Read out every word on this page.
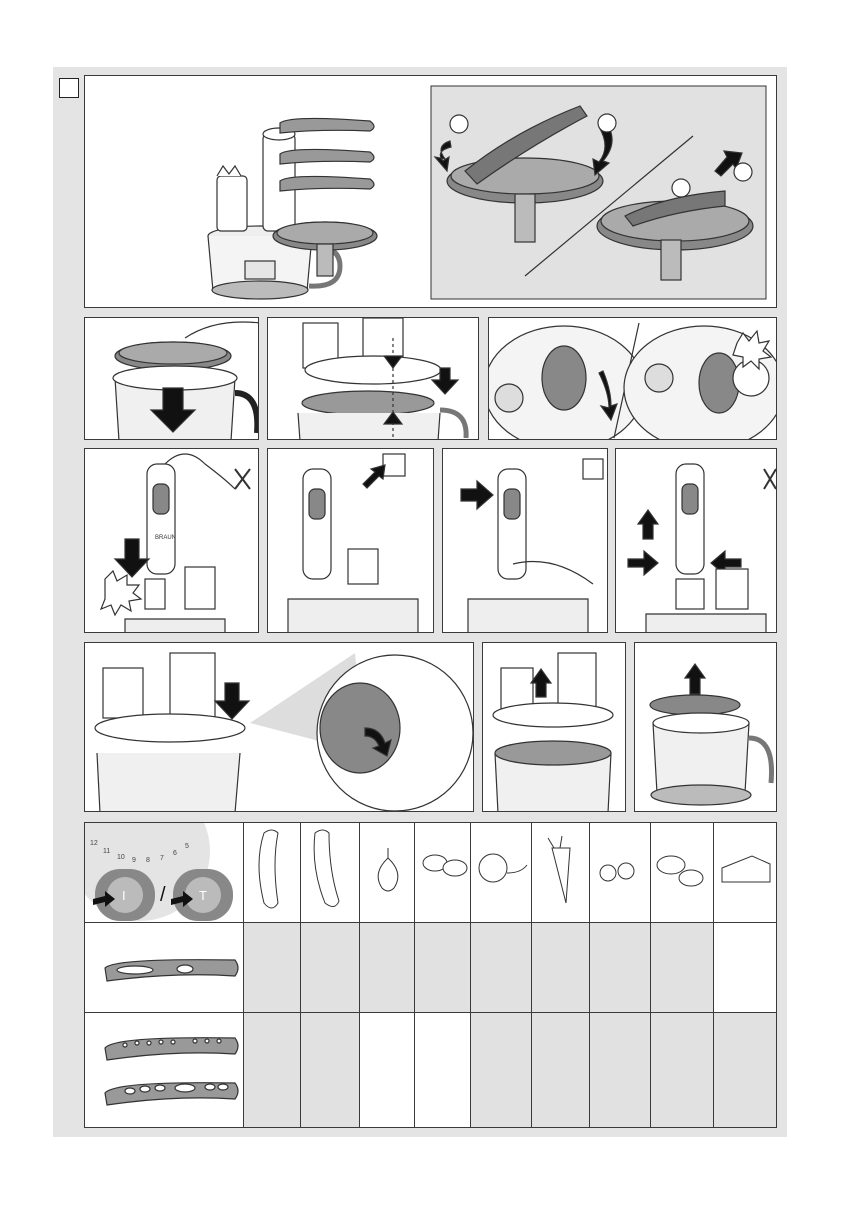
BRAUN
12
11
10 9 8 7
6
5
I /	T
